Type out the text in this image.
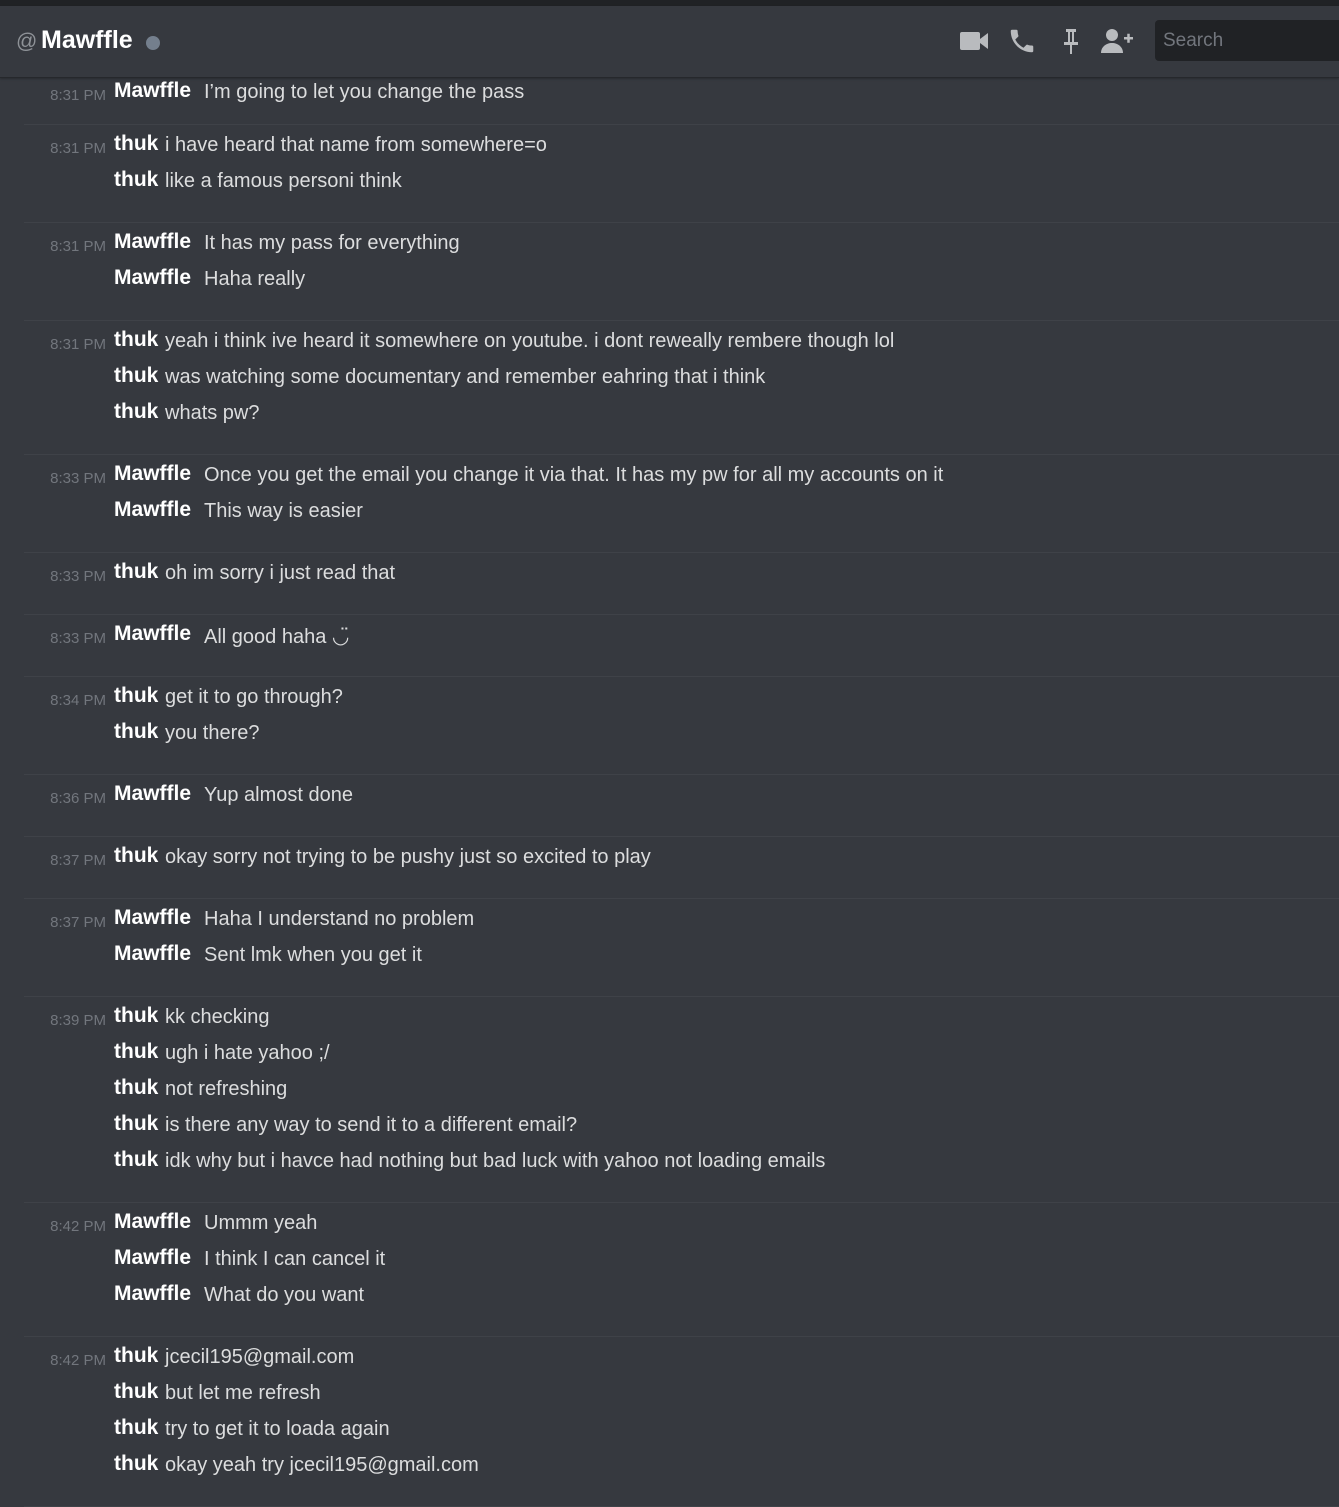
@ Mawffle
Search
8:31 PM Mawffle I’m going to let you change the pass
8:31 PM thuk i have heard that name from somewhere=o
thuk like a famous personi think
8:31 PM Mawffle It has my pass for everything
Mawffle Haha really
8:31 PM thuk yeah i think ive heard it somewhere on youtube. i dont reweally rembere though lol
thuk was watching some documentary and remember eahring that i think
thuk whats pw?
8:33 PM Mawffle Once you get the email you change it via that. It has my pw for all my accounts on it
Mawffle This way is easier
8:33 PM thuk oh im sorry i just read that
8:33 PM Mawffle All good haha ◡̈
8:34 PM thuk get it to go through?
thuk you there?
8:36 PM Mawffle Yup almost done
8:37 PM thuk okay sorry not trying to be pushy just so excited to play
8:37 PM Mawffle Haha I understand no problem
Mawffle Sent lmk when you get it
8:39 PM thuk kk checking
thuk ugh i hate yahoo ;/
thuk not refreshing
thuk is there any way to send it to a different email?
thuk idk why but i havce had nothing but bad luck with yahoo not loading emails
8:42 PM Mawffle Ummm yeah
Mawffle I think I can cancel it
Mawffle What do you want
8:42 PM thuk jcecil195@gmail.com
thuk but let me refresh
thuk try to get it to loada again
thuk okay yeah try jcecil195@gmail.com
